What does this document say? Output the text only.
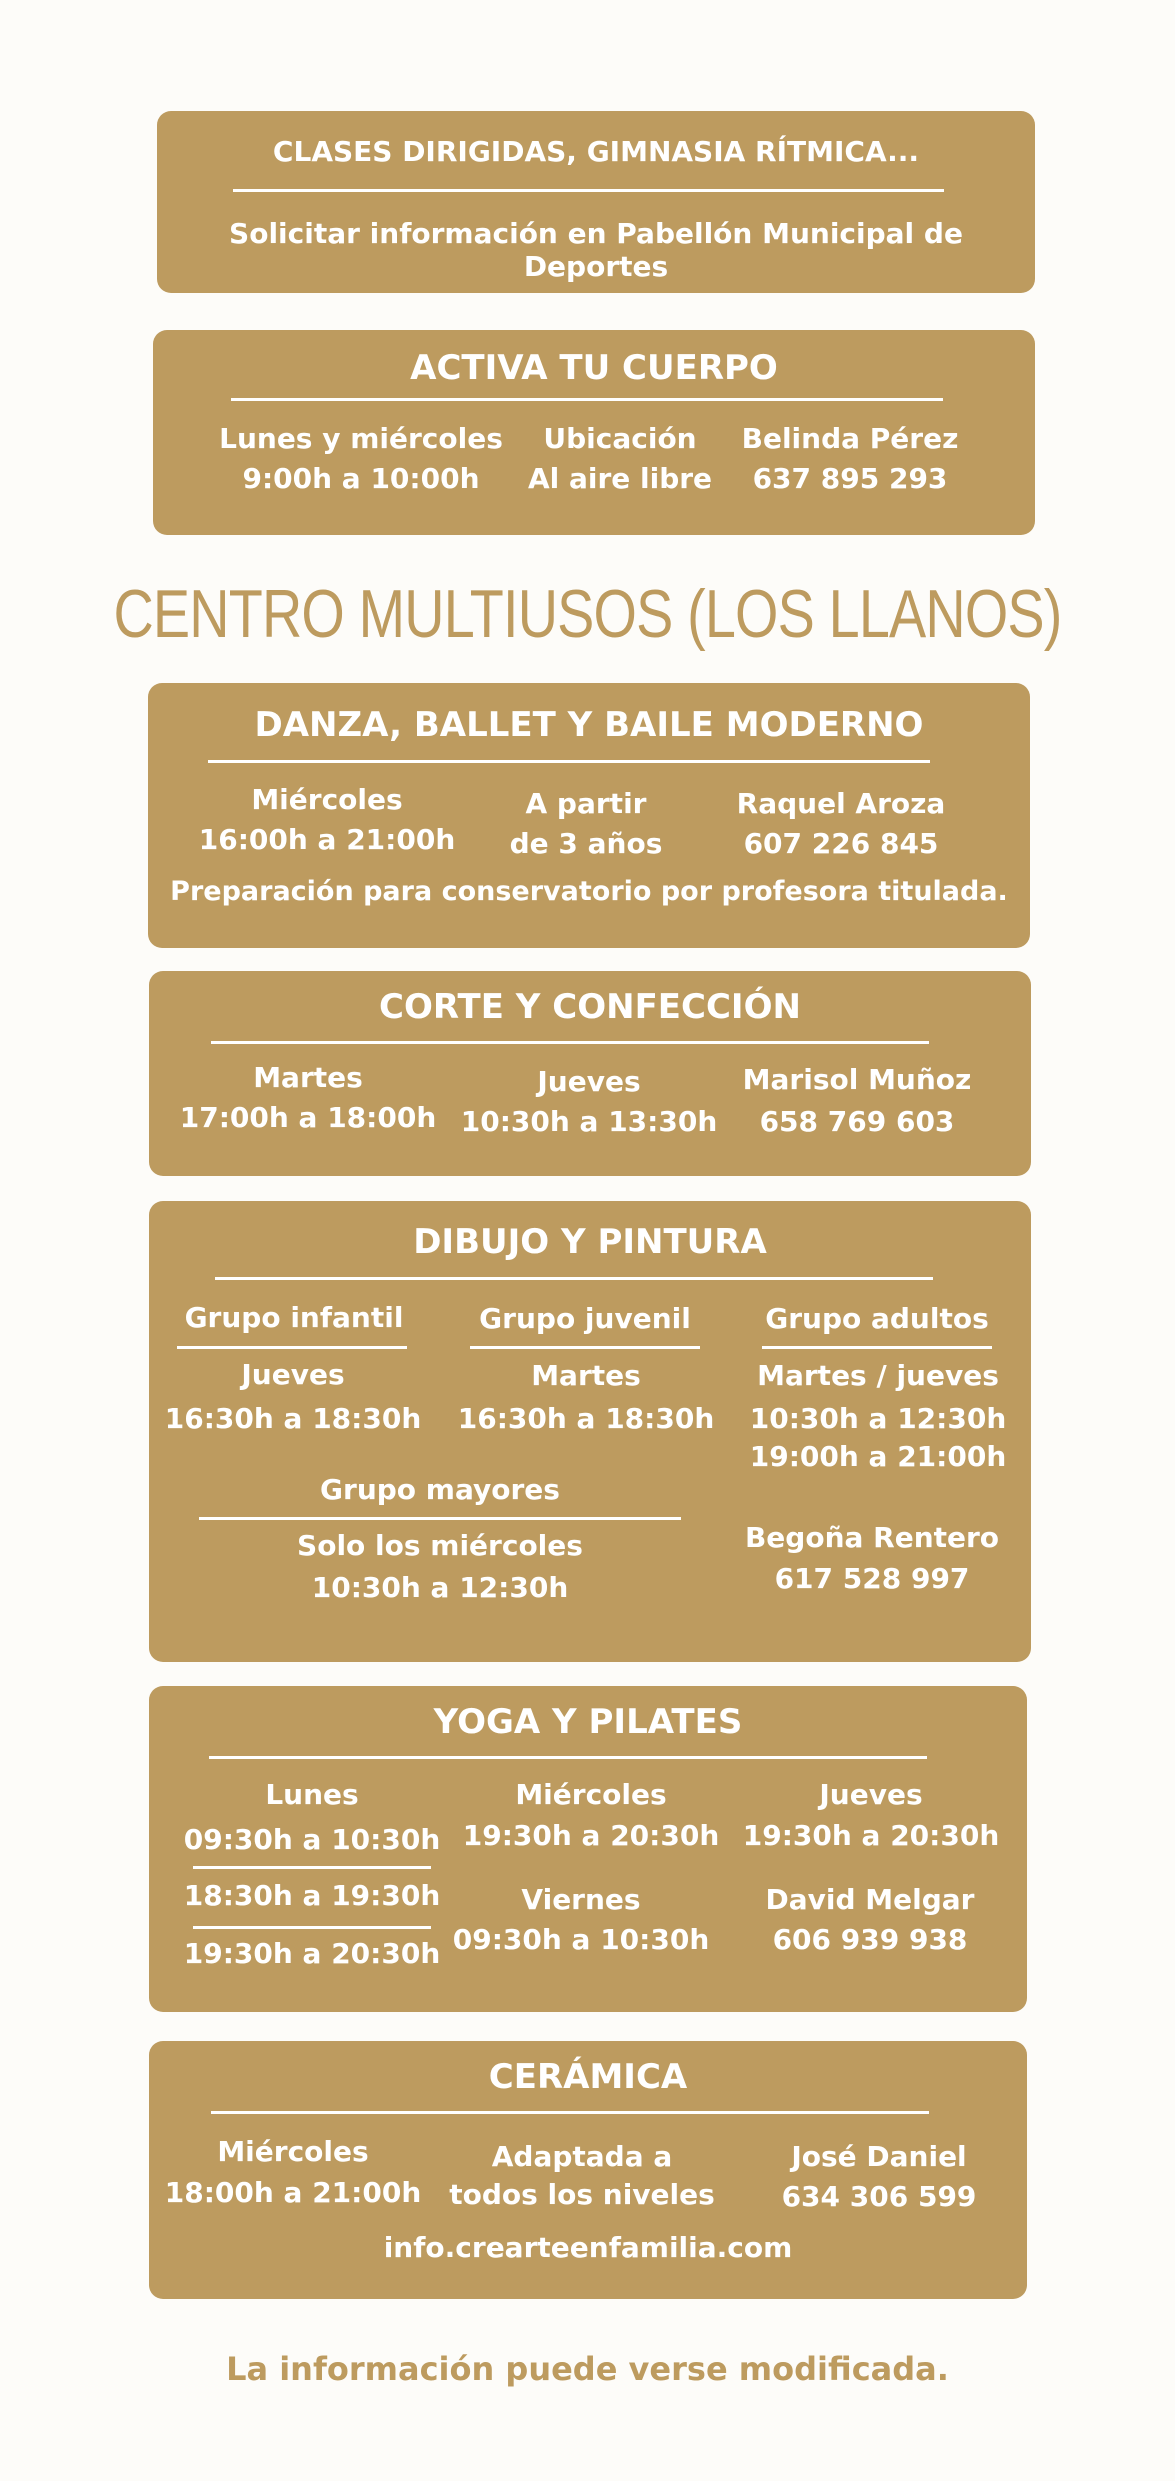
CLASES DIRIGIDAS, GIMNASIA RÍTMICA...
Solicitar información en Pabellón Municipal de Deportes
ACTIVA TU CUERPO
Lunes y miércoles
9:00h a 10:00h
Ubicación
Al aire libre
Belinda Pérez
637 895 293
CENTRO MULTIUSOS (LOS LLANOS)
DANZA, BALLET Y BAILE MODERNO
Miércoles
16:00h a 21:00h
A partir
de 3 años
Raquel Aroza
607 226 845
Preparación para conservatorio por profesora titulada.
CORTE Y CONFECCIÓN
Martes
17:00h a 18:00h
Jueves
10:30h a 13:30h
Marisol Muñoz
658 769 603
DIBUJO Y PINTURA
Grupo infantil
Jueves
16:30h a 18:30h
Grupo juvenil
Martes
16:30h a 18:30h
Grupo adultos
Martes / jueves
10:30h a 12:30h
19:00h a 21:00h
Grupo mayores
Solo los miércoles
10:30h a 12:30h
Begoña Rentero
617 528 997
YOGA Y PILATES
Lunes
09:30h a 10:30h
18:30h a 19:30h
19:30h a 20:30h
Miércoles
19:30h a 20:30h
Viernes
09:30h a 10:30h
Jueves
19:30h a 20:30h
David Melgar
606 939 938
CERÁMICA
Miércoles
18:00h a 21:00h
Adaptada a
todos los niveles
José Daniel
634 306 599
info.crearteenfamilia.com
La información puede verse modificada.
